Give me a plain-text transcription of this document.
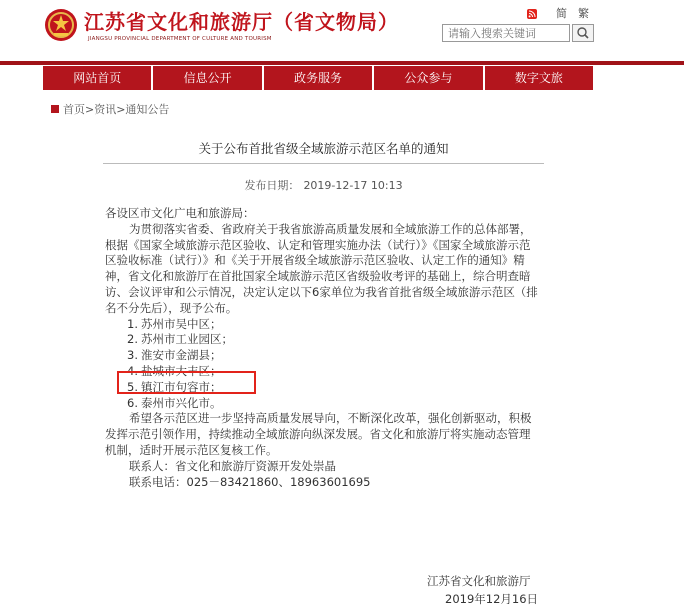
江苏省文化和旅游厅（省文物局）
JIANGSU PROVINCIAL DEPARTMENT OF CULTURE AND TOURISM
简 繁
请输入搜索关键词
网站首页	信息公开	政务服务	公众参与	数字文旅
首页>资讯>通知公告
关于公布首批省级全域旅游示范区名单的通知
发布日期： 2019-12-17 10:13

各设区市文化广电和旅游局：

为贯彻落实省委、省政府关于我省旅游高质量发展和全域旅游工作的总体部署，根据《国家全域旅游示范区验收、认定和管理实施办法（试行）》《国家全域旅游示范区验收标准（试行）》和《关于开展省级全域旅游示范区验收、认定工作的通知》精神，省文化和旅游厅在首批国家全域旅游示范区省级验收考评的基础上，综合明查暗访、会议评审和公示情况，决定认定以下6家单位为我省首批省级全域旅游示范区（排名不分先后），现予公布。

1. 苏州市吴中区；
2. 苏州市工业园区；
3. 淮安市金湖县；
4. 盐城市大丰区；
5. 镇江市句容市；
6. 泰州市兴化市。

希望各示范区进一步坚持高质量发展导向，不断深化改革，强化创新驱动，积极发挥示范引领作用，持续推动全域旅游向纵深发展。省文化和旅游厅将实施动态管理机制，适时开展示范区复核工作。

联系人：省文化和旅游厅资源开发处崇晶

联系电话：025－83421860、18963601695

江苏省文化和旅游厅
2019年12月16日
